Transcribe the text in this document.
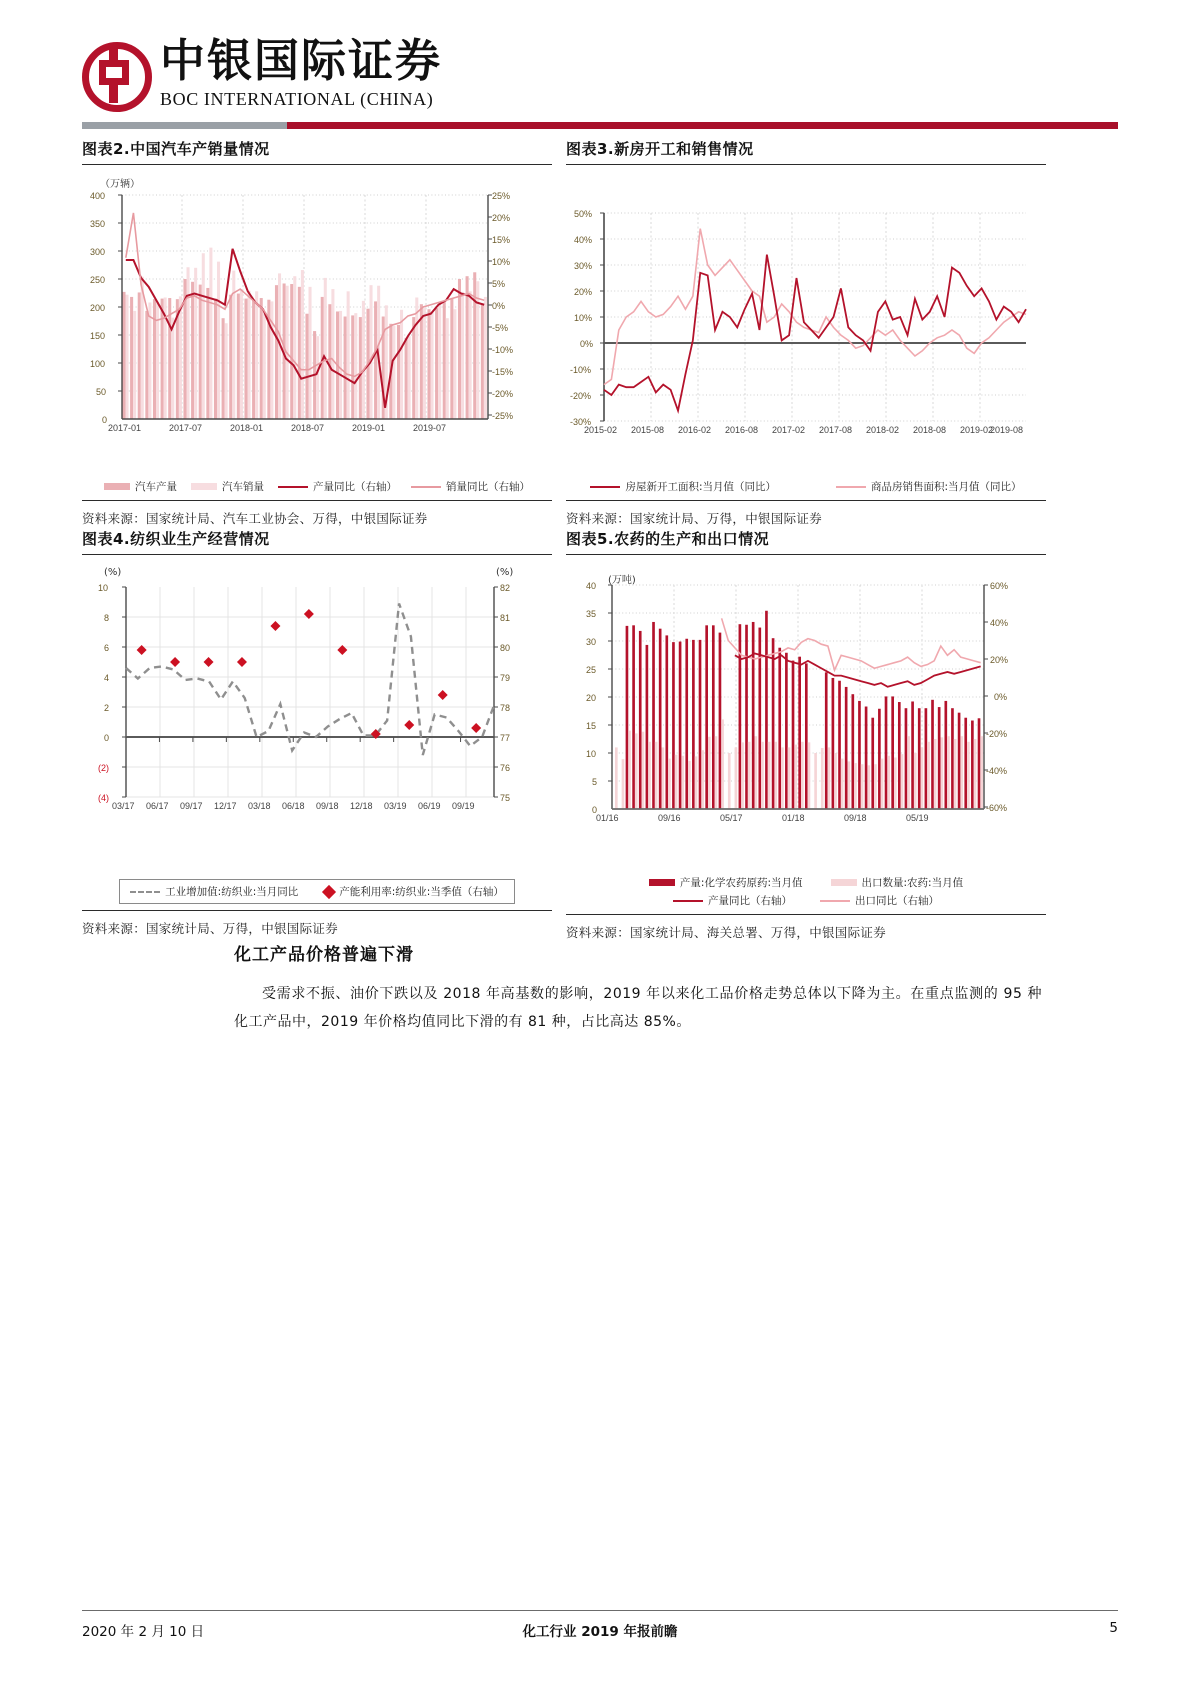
中银国际证券
BOC INTERNATIONAL (CHINA)
图表2.中国汽车产销量情况
（万辆）
400
350
300
250
200
150
100
50
0
25%
20%
15%
10%
5%
0%
-5%
-10%
-15%
-20%
-25%
2017-01	2017-07	2018-01	2018-07	2019-01	2019-07
汽车产量	汽车销量	产量同比（右轴）	销量同比（右轴）
资料来源：国家统计局、汽车工业协会、万得，中银国际证券
图表3.新房开工和销售情况
50%
40%
30%
20%
10%
0%
-10%
-20%
-30%
2015-02 2015-08 2016-02 2016-08 2017-02 2017-08 2018-02 2018-08 2019-02
2019-08
房屋新开工面积:当月值（同比）	商品房销售面积:当月值（同比）
资料来源：国家统计局、万得，中银国际证券
图表4.纺织业生产经营情况
(%)	(%)
10
8
6
4
2
0
(2)
(4)
82
81
80
79
78
77
76
75
03/17 06/17 09/17 12/17 03/18 06/18 09/18 12/18 03/19 06/19 09/19
工业增加值:纺织业:当月同比	产能利用率:纺织业:当季值（右轴）
资料来源：国家统计局、万得，中银国际证券
图表5.农药的生产和出口情况
(万吨)
40
35
30
25
20
15
10
5
0
60%
40%
20%
0%
-20%
-40%
-60%
01/16	09/16	05/17	01/18	09/18	05/19
产量:化学农药原药:当月值	出口数量:农药:当月值
产量同比（右轴）	出口同比（右轴）
资料来源：国家统计局、海关总署、万得，中银国际证券
化工产品价格普遍下滑
受需求不振、油价下跌以及 2018 年高基数的影响，2019 年以来化工品价格走势总体以下降为主。在重点监测的 95 种化工产品中，2019 年价格均值同比下滑的有 81 种，占比高达 85%。
2020 年 2 月 10 日	化工行业 2019 年报前瞻	5
